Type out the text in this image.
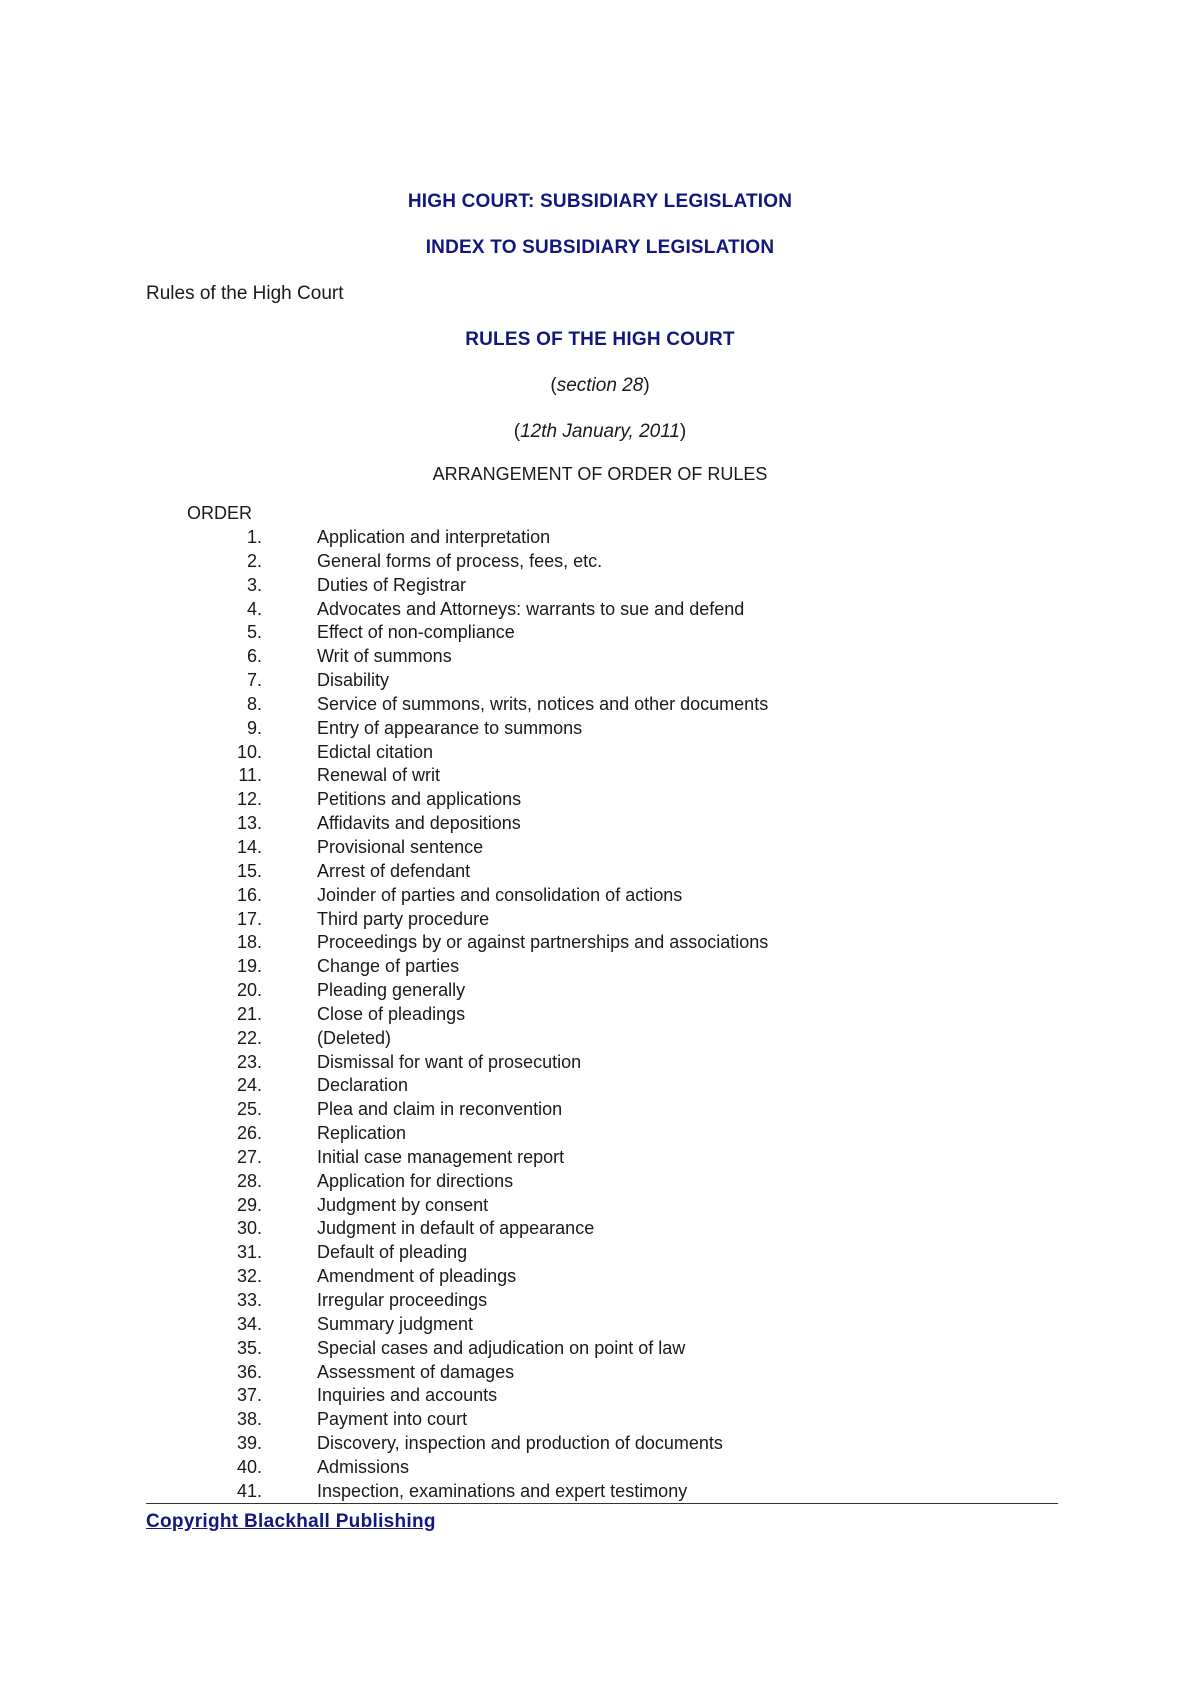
HIGH COURT: SUBSIDIARY LEGISLATION
INDEX TO SUBSIDIARY LEGISLATION
Rules of the High Court
RULES OF THE HIGH COURT
(section 28)
(12th January, 2011)
ARRANGEMENT OF ORDER OF RULES
ORDER
1.	Application and interpretation
2.	General forms of process, fees, etc.
3.	Duties of Registrar
4.	Advocates and Attorneys: warrants to sue and defend
5.	Effect of non-compliance
6.	Writ of summons
7.	Disability
8.	Service of summons, writs, notices and other documents
9.	Entry of appearance to summons
10.	Edictal citation
11.	Renewal of writ
12.	Petitions and applications
13.	Affidavits and depositions
14.	Provisional sentence
15.	Arrest of defendant
16.	Joinder of parties and consolidation of actions
17.	Third party procedure
18.	Proceedings by or against partnerships and associations
19.	Change of parties
20.	Pleading generally
21.	Close of pleadings
22.	(Deleted)
23.	Dismissal for want of prosecution
24.	Declaration
25.	Plea and claim in reconvention
26.	Replication
27.	Initial case management report
28.	Application for directions
29.	Judgment by consent
30.	Judgment in default of appearance
31.	Default of pleading
32.	Amendment of pleadings
33.	Irregular proceedings
34.	Summary judgment
35.	Special cases and adjudication on point of law
36.	Assessment of damages
37.	Inquiries and accounts
38.	Payment into court
39.	Discovery, inspection and production of documents
40.	Admissions
41.	Inspection, examinations and expert testimony
Copyright Blackhall Publishing
